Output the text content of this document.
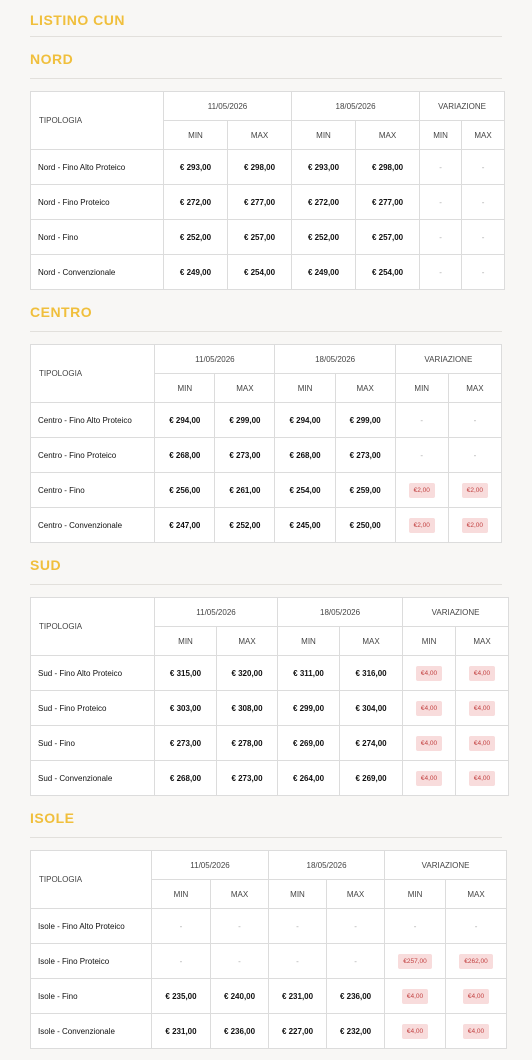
LISTINO CUN
NORD
TIPOLOGIA	11/05/2026		18/05/2026		VARIAZIONE	
	MIN	MAX	MIN	MAX	MIN	MAX
Nord - Fino Alto Proteico	€ 293,00	€ 298,00	€ 293,00	€ 298,00	-	-
Nord - Fino Proteico	€ 272,00	€ 277,00	€ 272,00	€ 277,00	-	-
Nord - Fino	€ 252,00	€ 257,00	€ 252,00	€ 257,00	-	-
Nord - Convenzionale	€ 249,00	€ 254,00	€ 249,00	€ 254,00	-	-
CENTRO
TIPOLOGIA	11/05/2026		18/05/2026		VARIAZIONE	
	MIN	MAX	MIN	MAX	MIN	MAX
Centro - Fino Alto Proteico	€ 294,00	€ 299,00	€ 294,00	€ 299,00	-	-
Centro - Fino Proteico	€ 268,00	€ 273,00	€ 268,00	€ 273,00	-	-
Centro - Fino	€ 256,00	€ 261,00	€ 254,00	€ 259,00	€2,00	€2,00
Centro - Convenzionale	€ 247,00	€ 252,00	€ 245,00	€ 250,00	€2,00	€2,00
SUD
TIPOLOGIA	11/05/2026		18/05/2026		VARIAZIONE	
	MIN	MAX	MIN	MAX	MIN	MAX
Sud - Fino Alto Proteico	€ 315,00	€ 320,00	€ 311,00	€ 316,00	€4,00	€4,00
Sud - Fino Proteico	€ 303,00	€ 308,00	€ 299,00	€ 304,00	€4,00	€4,00
Sud - Fino	€ 273,00	€ 278,00	€ 269,00	€ 274,00	€4,00	€4,00
Sud - Convenzionale	€ 268,00	€ 273,00	€ 264,00	€ 269,00	€4,00	€4,00
ISOLE
TIPOLOGIA	11/05/2026		18/05/2026		VARIAZIONE	
	MIN	MAX	MIN	MAX	MIN	MAX
Isole - Fino Alto Proteico	-	-	-	-	-	-
Isole - Fino Proteico	-	-	-	-	€257,00	€262,00
Isole - Fino	€ 235,00	€ 240,00	€ 231,00	€ 236,00	€4,00	€4,00
Isole - Convenzionale	€ 231,00	€ 236,00	€ 227,00	€ 232,00	€4,00	€4,00
